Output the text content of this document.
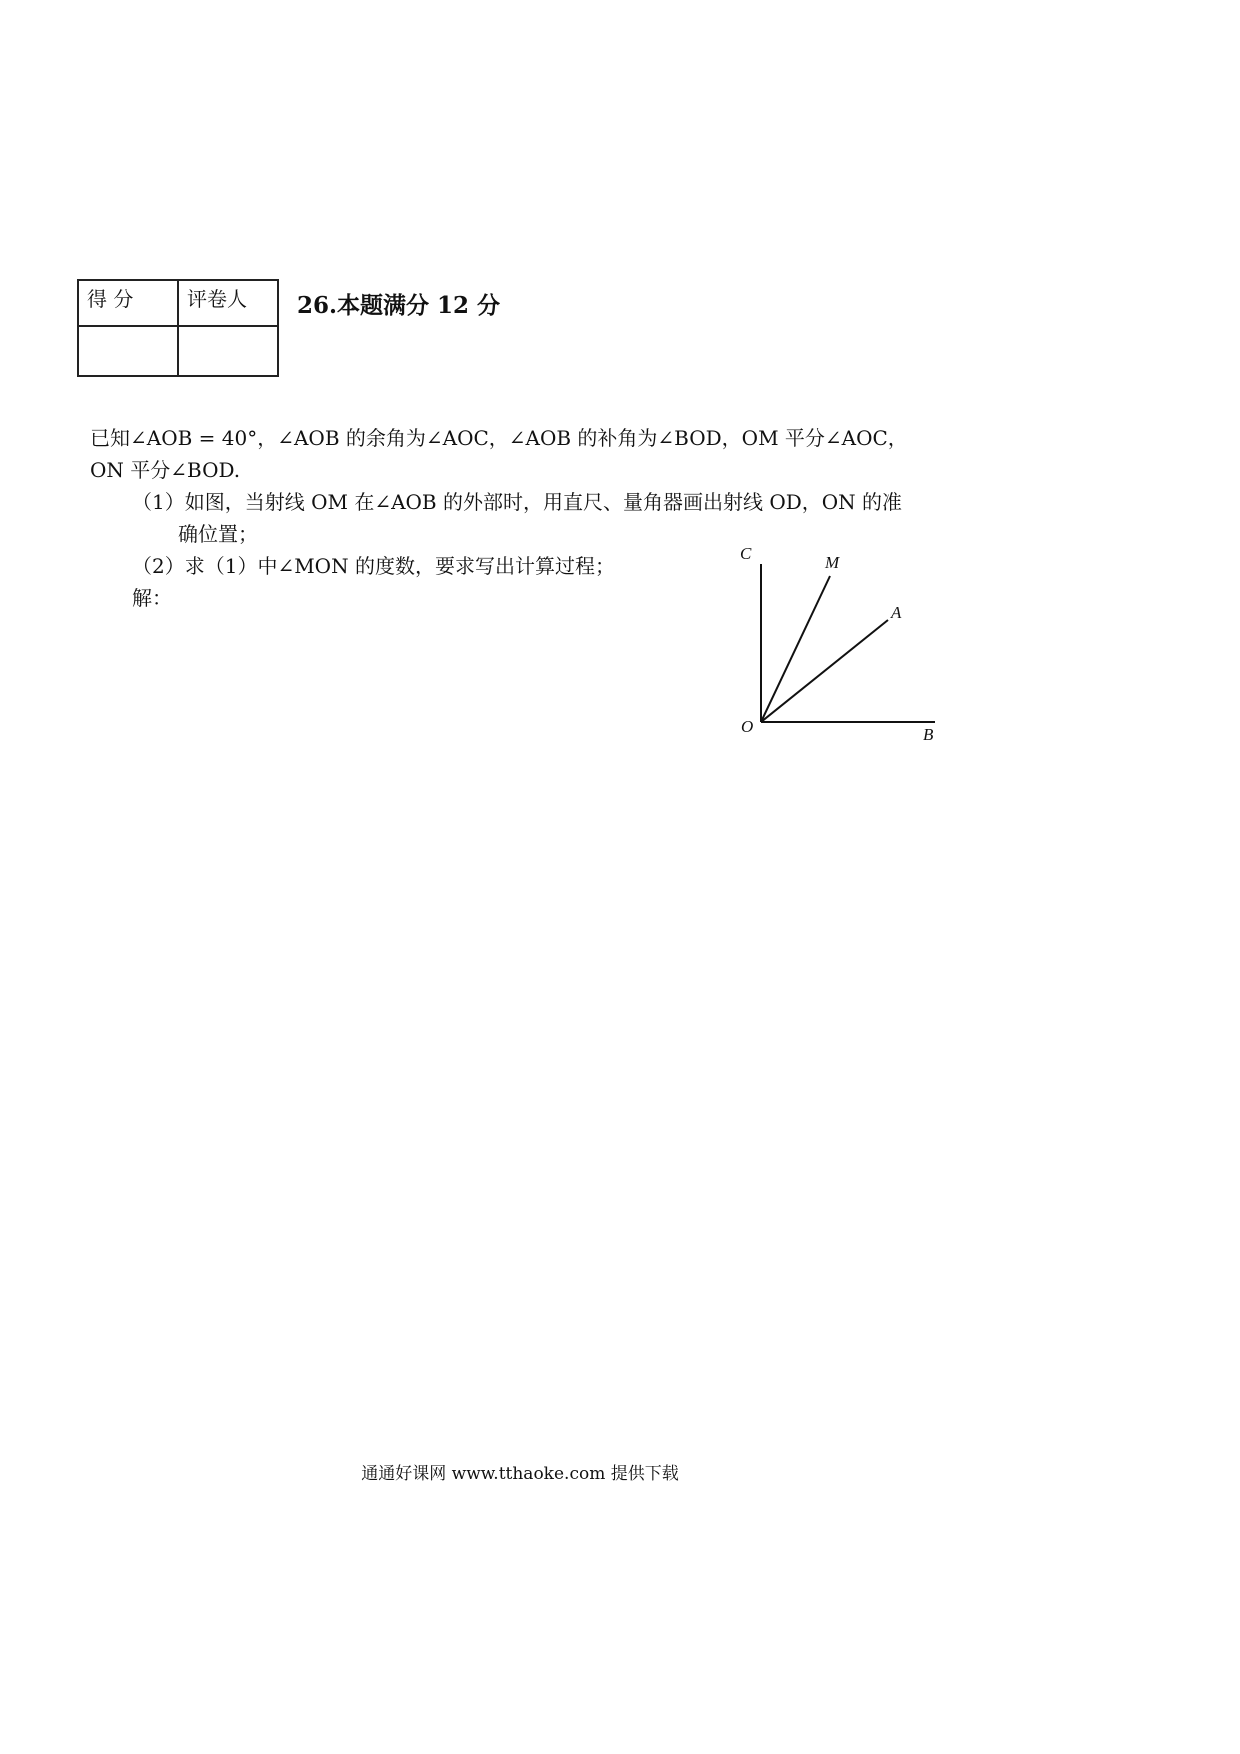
得 分	评卷人
	26.本题满分 12 分
已知∠AOB = 40°，∠AOB 的余角为∠AOC，∠AOB 的补角为∠BOD，OM 平分∠AOC，
ON 平分∠BOD.
（1）如图，当射线 OM 在∠AOB 的外部时，用直尺、量角器画出射线 OD，ON 的准
确位置；
（2）求（1）中∠MON 的度数，要求写出计算过程；
解：
C	M
A
O	B
通通好课网 www.tthaoke.com 提供下载
